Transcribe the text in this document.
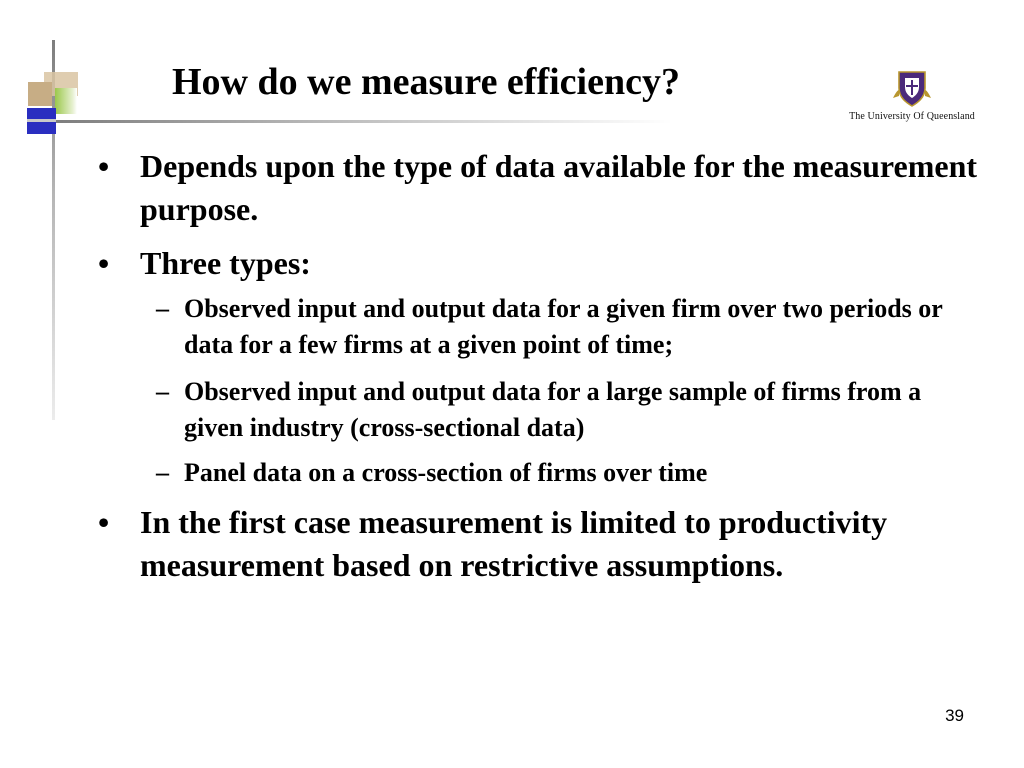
How do we measure efficiency?
The University Of Queensland
• Depends upon the type of data available for the measurement purpose.
• Three types:
– Observed input and output data for a given firm over two periods or data for a few firms at a given point of time;
– Observed input and output data for a large sample of firms from a given industry (cross-sectional data)
– Panel data on a cross-section of firms over time
• In the first case measurement is limited to productivity measurement based on restrictive assumptions.
39
